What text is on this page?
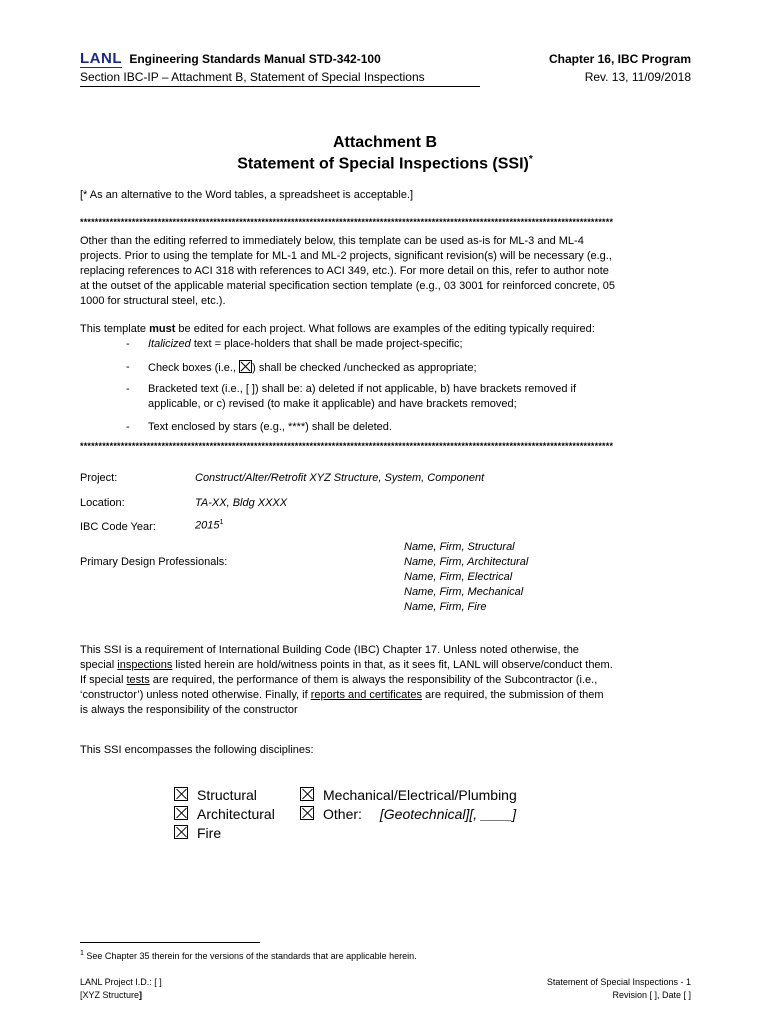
LANL Engineering Standards Manual STD-342-100	Chapter 16, IBC Program
Section IBC-IP – Attachment B, Statement of Special Inspections	Rev. 13, 11/09/2018
Attachment B
Statement of Special Inspections (SSI)*
[* As an alternative to the Word tables, a spreadsheet is acceptable.]
************************************************************************************************************************************************
Other than the editing referred to immediately below, this template can be used as-is for ML-3 and ML-4
projects. Prior to using the template for ML-1 and ML-2 projects, significant revision(s) will be necessary (e.g.,
replacing references to ACI 318 with references to ACI 349, etc.). For more detail on this, refer to author note
at the outset of the applicable material specification section template (e.g., 03 3001 for reinforced concrete, 05
1000 for structural steel, etc.).
This template must be edited for each project. What follows are examples of the editing typically required:
- Italicized text = place-holders that shall be made project-specific;
- Check boxes (i.e., ) shall be checked /unchecked as appropriate;
- Bracketed text (i.e., [ ]) shall be: a) deleted if not applicable, b) have brackets removed if
applicable, or c) revised (to make it applicable) and have brackets removed;
- Text enclosed by stars (e.g., ****) shall be deleted.
************************************************************************************************************************************************
Project:	Construct/Alter/Retrofit XYZ Structure, System, Component
Location:	TA-XX, Bldg XXXX
IBC Code Year:	2015$^1$
Primary Design Professionals:
Name, Firm, Structural
Name, Firm, Architectural
Name, Firm, Electrical
Name, Firm, Mechanical
Name, Firm, Fire
This SSI is a requirement of International Building Code (IBC) Chapter 17. Unless noted otherwise, the
special inspections listed herein are hold/witness points in that, as it sees fit, LANL will observe/conduct them.
If special tests are required, the performance of them is always the responsibility of the Subcontractor (i.e.,
‘constructor’) unless noted otherwise. Finally, if reports and certificates are required, the submission of them
is always the responsibility of the constructor
This SSI encompasses the following disciplines:
Structural
Architectural
Fire
Mechanical/Electrical/Plumbing
Other: [Geotechnical][, ____]
$^1$ See Chapter 35 therein for the versions of the standards that are applicable herein.
LANL Project I.D.: [ ]
[XYZ Structure]
Statement of Special Inspections - 1
Revision [ ], Date [ ]
